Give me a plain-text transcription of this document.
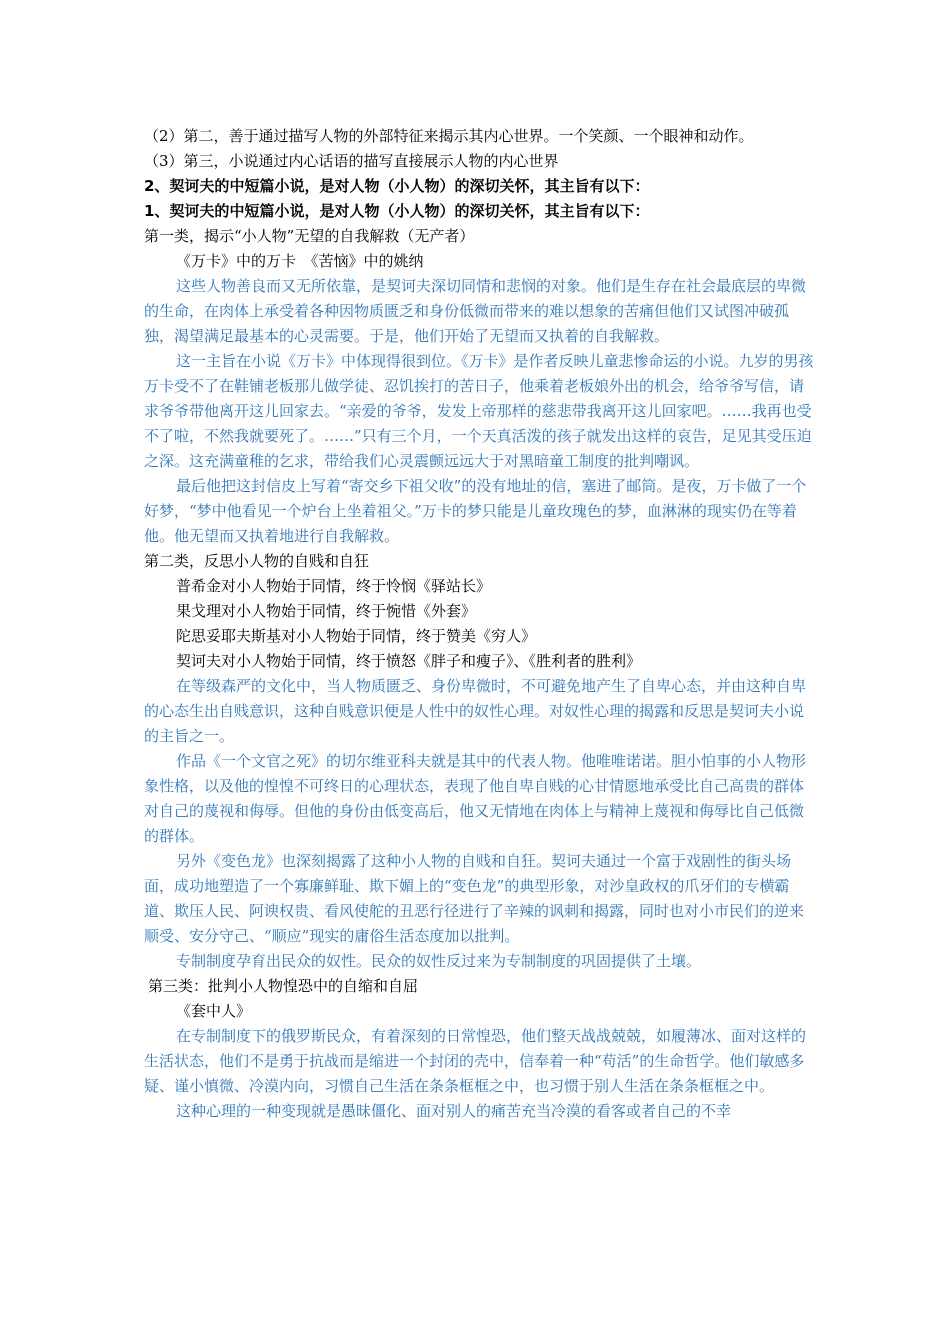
（2）第二，善于通过描写人物的外部特征来揭示其内心世界。一个笑颜、一个眼神和动作。

（3）第三，小说通过内心话语的描写直接展示人物的内心世界

2、契诃夫的中短篇小说，是对人物（小人物）的深切关怀，其主旨有以下：

1、契诃夫的中短篇小说，是对人物（小人物）的深切关怀，其主旨有以下：

第一类，揭示“小人物”无望的自我解救（无产者）

《万卡》中的万卡　《苦恼》中的姚纳

这些人物善良而又无所依靠，是契诃夫深切同情和悲悯的对象。他们是生存在社会最底层的卑微的生命，在肉体上承受着各种因物质匮乏和身份低微而带来的难以想象的苦痛但他们又试图冲破孤独，渴望满足最基本的心灵需要。于是，他们开始了无望而又执着的自我解救。

这一主旨在小说《万卡》中体现得很到位。《万卡》是作者反映儿童悲惨命运的小说。九岁的男孩万卡受不了在鞋铺老板那儿做学徒、忍饥挨打的苦日子，他乘着老板娘外出的机会，给爷爷写信，请求爷爷带他离开这儿回家去。“亲爱的爷爷，发发上帝那样的慈悲带我离开这儿回家吧。……我再也受不了啦，不然我就要死了。……”只有三个月，一个天真活泼的孩子就发出这样的哀告，足见其受压迫之深。这充满童稚的乞求，带给我们心灵震颤远远大于对黑暗童工制度的批判嘲讽。

最后他把这封信皮上写着“寄交乡下祖父收”的没有地址的信，塞进了邮筒。是夜，万卡做了一个好梦，“梦中他看见一个炉台上坐着祖父。”万卡的梦只能是儿童玫瑰色的梦，血淋淋的现实仍在等着他。他无望而又执着地进行自我解救。

第二类，反思小人物的自贱和自狂

普希金对小人物始于同情，终于怜悯《驿站长》

果戈理对小人物始于同情，终于惋惜《外套》

陀思妥耶夫斯基对小人物始于同情，终于赞美《穷人》

契诃夫对小人物始于同情，终于愤怒《胖子和瘦子》、《胜利者的胜利》

在等级森严的文化中，当人物质匮乏、身份卑微时，不可避免地产生了自卑心态，并由这种自卑的心态生出自贱意识，这种自贱意识便是人性中的奴性心理。对奴性心理的揭露和反思是契诃夫小说的主旨之一。

作品《一个文官之死》的切尔维亚科夫就是其中的代表人物。他唯唯诺诺。胆小怕事的小人物形象性格，以及他的惶惶不可终日的心理状态，表现了他自卑自贱的心甘情愿地承受比自己高贵的群体对自己的蔑视和侮辱。但他的身份由低变高后，他又无情地在肉体上与精神上蔑视和侮辱比自己低微的群体。

另外《变色龙》也深刻揭露了这种小人物的自贱和自狂。契诃夫通过一个富于戏剧性的街头场面，成功地塑造了一个寡廉鲜耻、欺下媚上的“变色龙”的典型形象，对沙皇政权的爪牙们的专横霸道、欺压人民、阿谀权贵、看风使舵的丑恶行径进行了辛辣的讽刺和揭露，同时也对小市民们的逆来顺受、安分守己、“顺应”现实的庸俗生活态度加以批判。

专制制度孕育出民众的奴性。民众的奴性反过来为专制制度的巩固提供了土壤。

第三类：批判小人物惶恐中的自缩和自屈

《套中人》

在专制制度下的俄罗斯民众，有着深刻的日常惶恐，他们整天战战兢兢，如履薄冰、面对这样的生活状态，他们不是勇于抗战而是缩进一个封闭的壳中，信奉着一种“苟活”的生命哲学。他们敏感多疑、谨小慎微、冷漠内向，习惯自己生活在条条框框之中，也习惯于别人生活在条条框框之中。

这种心理的一种变现就是愚昧僵化、面对别人的痛苦充当冷漠的看客或者自己的不幸
